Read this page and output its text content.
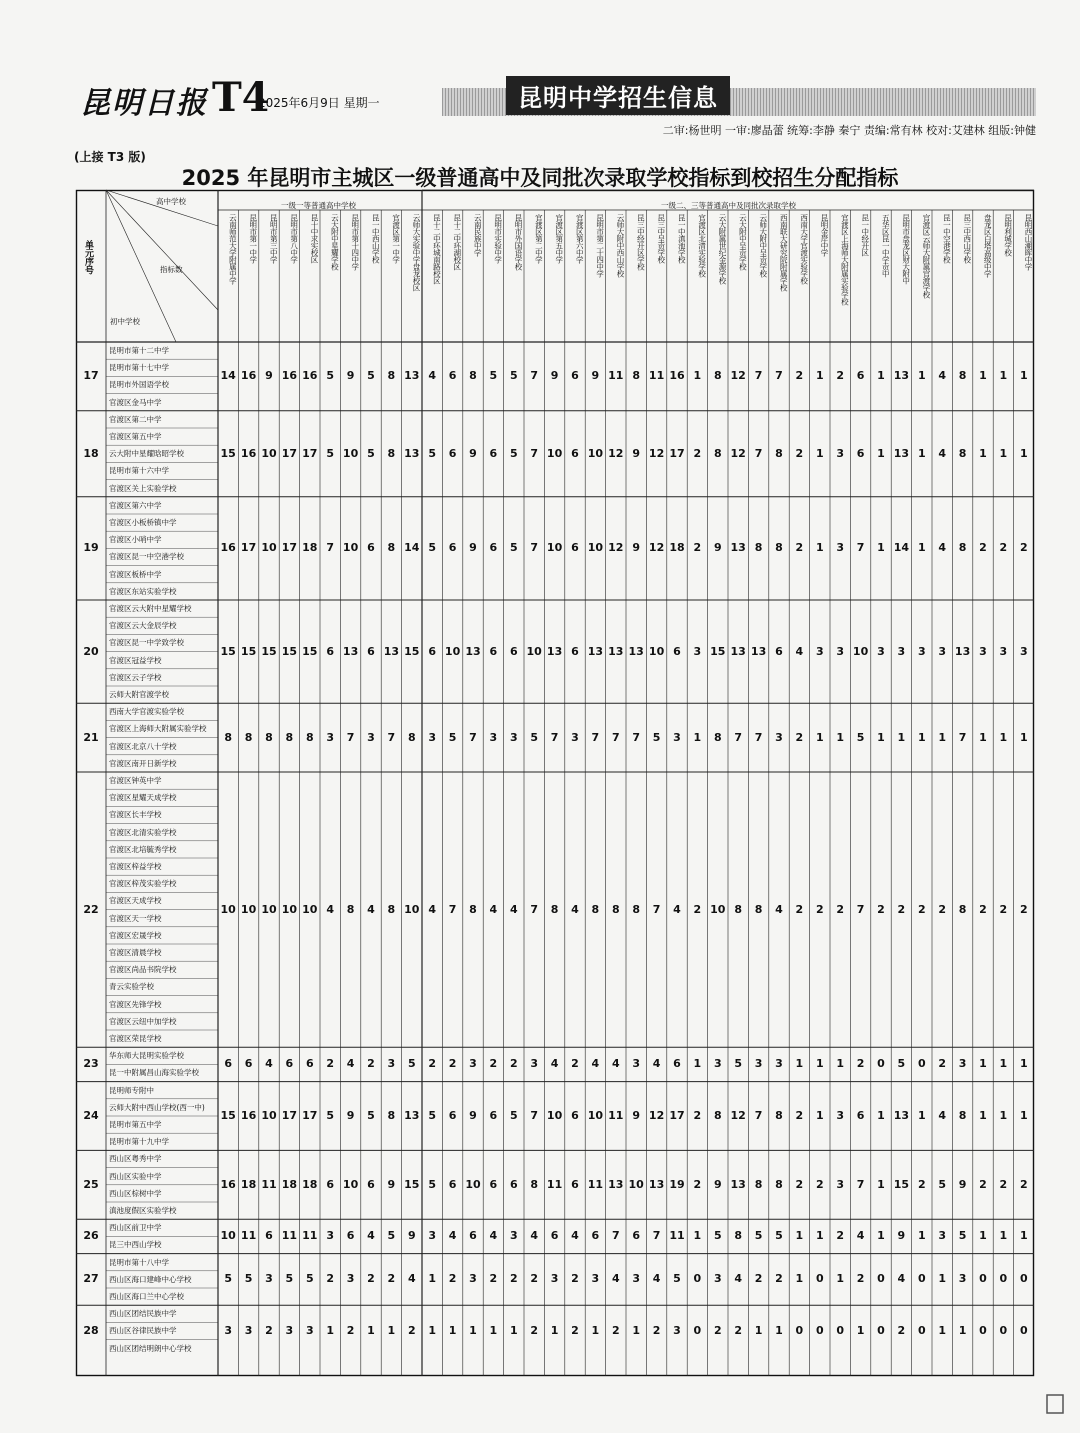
昆明日报 T4
2025年6月9日 星期一	昆明中学招生信息
二审:杨世明 一审:廖晶蕾 统筹:李静 秦宁 责编:常有林 校对:艾建林 组版:钟健
(上接 T3 版)
2025 年昆明市主城区一级普通高中及同批次录取学校指标到校招生分配指标
高中学校
指标数
初中学校
单元序号
一级一等普通高中学校	一级二、三等普通高中及同批次录取学校
云南师范大学附属中学	昆明市第一中学	昆明市第三中学	昆明市第八中学	昆十中求实校区	云大附中星耀学校	昆明市第十四中学	昆一中西山学校	官渡区第一中学	云师大实验中学盘龙校区	昆十二中环城南路校区	昆十二中环湖校区	云南民族中学	昆明市实验中学	昆明市外国语学校	官渡区第二中学	官渡区第五中学	官渡区第六中学	昆明市第二十四中学	云师大附中西山学校	昆三中经开区学校	昆三中呈贡学校	昆一中滇池学校	官渡区北清实验学校	云大附属世纪金源学校	云大附中呈贡学校	云师大附中呈贡学校	西南联大研究院附属学校	西南大学官渡实验学校	昆明金岸中学	官渡区上海师大附属实验学校	昆一中经开区	五华区昆一中学贡中	昆明市盘龙区财大附中	官渡区云师大附属官渡学校	昆一中空港学校	昆三中西山学校	盘龙区白塔高级中学	昆明利城学校	昆明西山潮晖中学
17
昆明市第十二中学
昆明市第十七中学
昆明市外国语学校
官渡区金马中学
14 16 9 16 16 5	9	5	8 13 4	6	8	5	5	7	9	6	9 11 8 11 16 1	8 12 7	7	2	1	2	6	1 13 1	4	8	1	1	1
18
官渡区第二中学
官渡区第五中学
云大附中星耀晗昭学校
昆明市第十六中学
官渡区关上实验学校
15 16 10 17 17 5 10 5	8 13 5	6	9	6	5	7 10 6 10 12 9 12 17 2	8 12 7	8	2	1	3	6	1 13 1	4	8	1	1	1
19
官渡区第六中学
官渡区小板桥镇中学
官渡区小哨中学
官渡区昆一中空港学校
官渡区板桥中学
官渡区东站实验学校
16 17 10 17 18 7 10 6	8 14 5	6	9	6	5	7 10 6 10 12 9 12 18 2	9 13 8	8	2	1	3	7	1 14 1	4	8	2	2	2
20
官渡区云大附中星耀学校
官渡区云大金辰学校
官渡区昆一中学致学校
官渡区冠益学校
官渡区云子学校
云师大附官渡学校
15 15 15 15 15 6 13 6 13 15 6 10 13 6	6 10 13 6 13 13 13 10 6	3 15 13 13 6	4	3	3 10 3	3	3	3 13 3	3	3
21
西南大学官渡实验学校
官渡区上海师大附属实验学校
官渡区北京八十学校
官渡区南开日新学校
8	8	8	8	8	3	7	3	7	8	3	5	7	3	3	5	7	3	7	7	7	5	3	1	8	7	7	3	2	1	1	5	1	1	1	1	7	1	1	1
22
官渡区钟英中学
官渡区星耀天成学校
官渡区长丰学校
官渡区北清实验学校
官渡区北培毓秀学校
官渡区梓益学校
官渡区梓茂实验学校
官渡区天成学校
官渡区天一学校
官渡区宏晟学校
官渡区清晨学校
官渡区尚品书院学校
青云实验学校
官渡区先锋学校
官渡区云纽中加学校
官渡区荣昆学校
10 10 10 10 10 4	8	4	8 10 4	7	8	4	4	7	8	4	8	8	8	7	4	2 10 8	8	4	2	2	2	7	2	2	2	2	8	2	2	2
23
华东师大昆明实验学校
昆一中附属昌山海实验学校
6	6	4	6	6	2	4	2	3	5	2	2	3	2	2	3	4	2	4	4	3	4	6	1	3	5	3	3	1	1	1	2	0	5	0	2	3	1	1	1
24
昆明师专附中
云师大附中西山学校(西一中)
昆明市第五中学
昆明市第十九中学
15 16 10 17 17 5	9	5	8 13 5	6	9	6	5	7 10 6 10 11 9 12 17 2	8 12 7	8	2	1	3	6	1 13 1	4	8	1	1	1
25
西山区粤秀中学
西山区实验中学
西山区棕树中学
滇池度假区实验学校
16 18 11 18 18 6 10 6	9 15 5	6 10 6	6	8 11 6 11 13 10 13 19 2	9 13 8	8	2	2	3	7	1 15 2	5	9	2	2	2
26
西山区前卫中学
昆三中西山学校
10 11 6 11 11 3	6	4	5	9	3	4	6	4	3	4	6	4	6	7	6	7 11 1	5	8	5	5	1	1	2	4	1	9	1	3	5	1	1	1
27
昆明市第十八中学
西山区海口建峰中心学校
西山区海口兰中心学校
5	5	3	5	5	2	3	2	2	4	1	2	3	2	2	2	3	2	3	4	3	4	5	0	3	4	2	2	1	0	1	2	0	4	0	1	3	0	0	0
28
西山区团结民族中学
西山区谷律民族中学
西山区团结明朗中心学校
3	3	2	3	3	1	2	1	1	2	1	1	1	1	1	2	1	2	1	2	1	2	3	0	2	2	1	1	0	0	0	1	0	2	0	1	1	0	0	0
